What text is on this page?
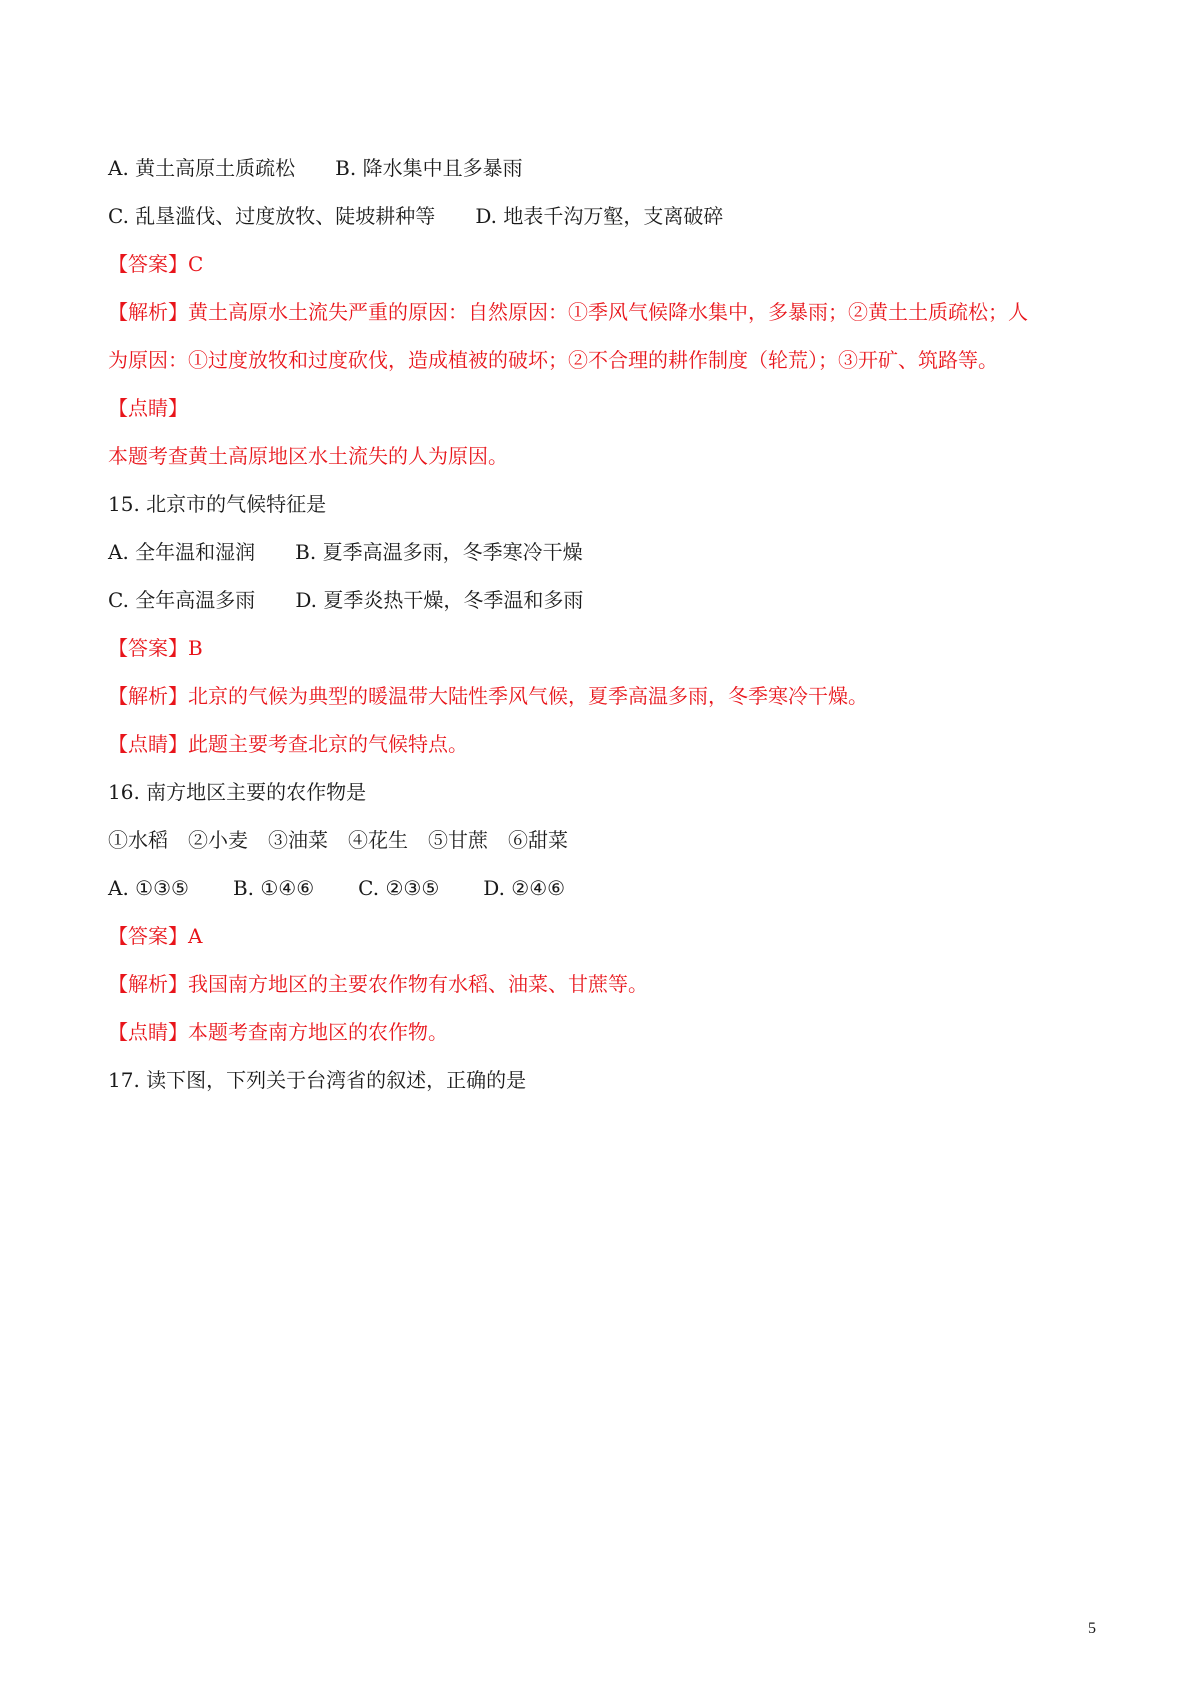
A. 黄土高原土质疏松 B. 降水集中且多暴雨
C. 乱垦滥伐、过度放牧、陡坡耕种等 D. 地表千沟万壑，支离破碎
【答案】C
【解析】黄土高原水土流失严重的原因：自然原因：①季风气候降水集中，多暴雨；②黄土土质疏松；人
为原因：①过度放牧和过度砍伐，造成植被的破坏；②不合理的耕作制度（轮荒）；③开矿、筑路等。
【点睛】
本题考查黄土高原地区水土流失的人为原因。
15. 北京市的气候特征是
A. 全年温和湿润 B. 夏季高温多雨，冬季寒冷干燥
C. 全年高温多雨 D. 夏季炎热干燥，冬季温和多雨
【答案】B
【解析】北京的气候为典型的暖温带大陆性季风气候，夏季高温多雨，冬季寒冷干燥。
【点睛】此题主要考查北京的气候特点。
16. 南方地区主要的农作物是
①水稻 ②小麦 ③油菜 ④花生 ⑤甘蔗 ⑥甜菜
A. ①③⑤ B. ①④⑥ C. ②③⑤ D. ②④⑥
【答案】A
【解析】我国南方地区的主要农作物有水稻、油菜、甘蔗等。
【点睛】本题考查南方地区的农作物。
17. 读下图，下列关于台湾省的叙述，正确的是
5
